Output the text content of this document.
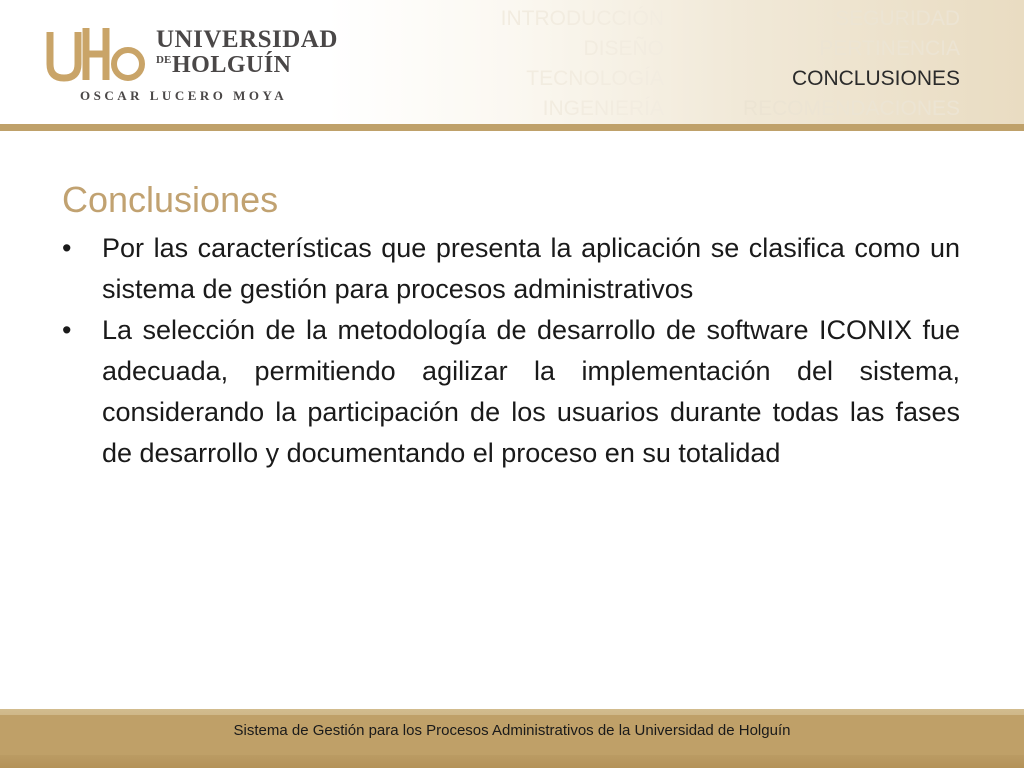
UNIVERSIDAD
DE HOLGUÍN
OSCAR LUCERO MOYA
INTRODUCCIÓN
DISEÑO
TECNOLOGÍA
INGENIERÍA
SEGURIDAD
PERTINENCIA
CONCLUSIONES
RECOMENDACIONES
Conclusiones
•	Por las características que presenta la aplicación se clasifica como un sistema de gestión para procesos administrativos
•	La selección de la metodología de desarrollo de software ICONIX fue adecuada, permitiendo agilizar la implementación del sistema, considerando la participación de los usuarios durante todas las fases de desarrollo y documentando el proceso en su totalidad
Sistema de Gestión para los Procesos Administrativos de la Universidad de Holguín
